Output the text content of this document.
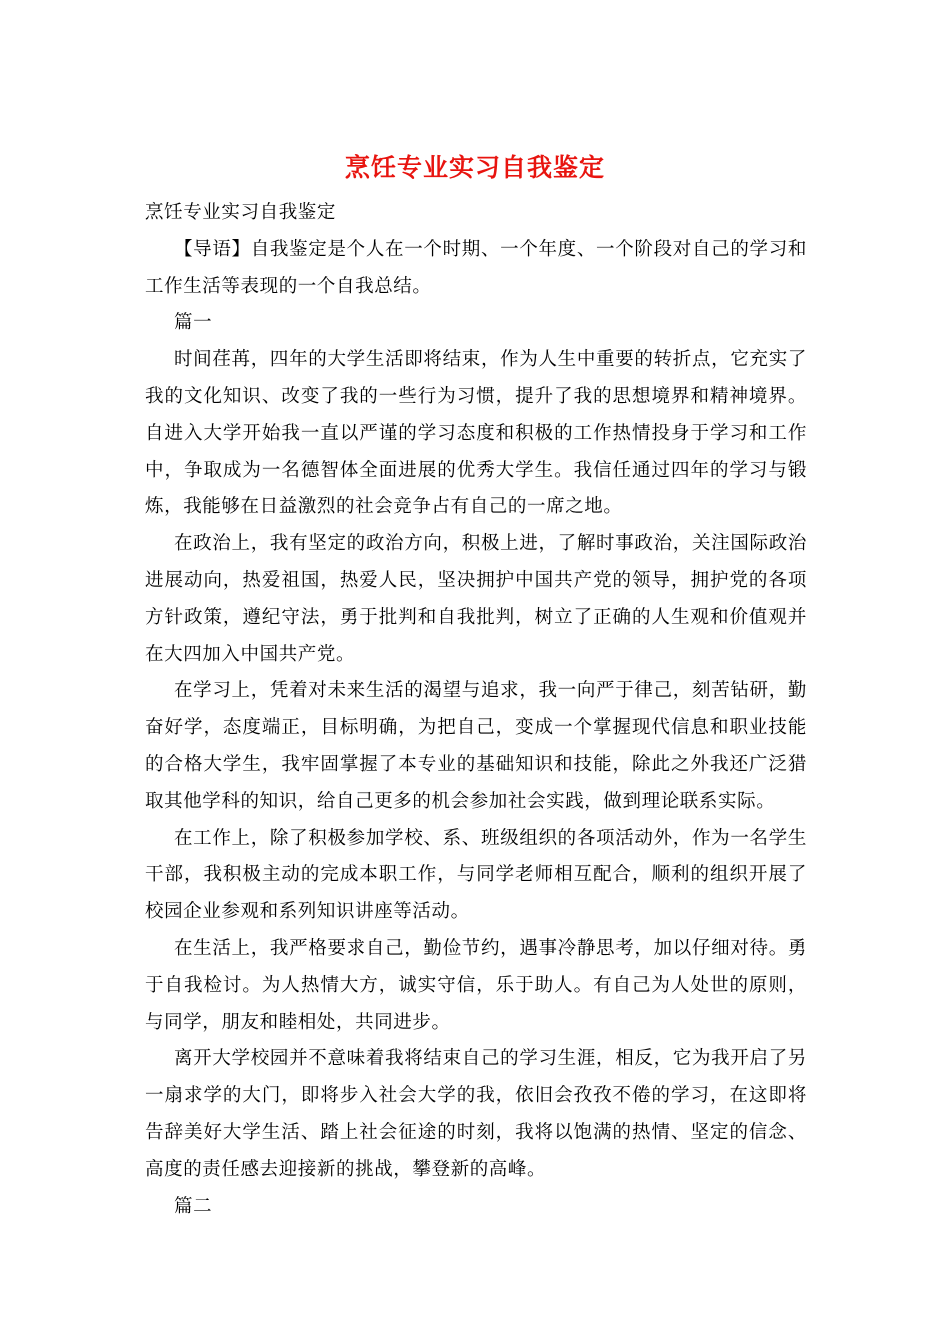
烹饪专业实习自我鉴定

烹饪专业实习自我鉴定

【导语】自我鉴定是个人在一个时期、一个年度、一个阶段对自己的学习和工作生活等表现的一个自我总结。

篇一

时间荏苒，四年的大学生活即将结束，作为人生中重要的转折点，它充实了我的文化知识、改变了我的一些行为习惯，提升了我的思想境界和精神境界。自进入大学开始我一直以严谨的学习态度和积极的工作热情投身于学习和工作中，争取成为一名德智体全面进展的优秀大学生。我信任通过四年的学习与锻炼，我能够在日益激烈的社会竞争占有自己的一席之地。

在政治上，我有坚定的政治方向，积极上进，了解时事政治，关注国际政治进展动向，热爱祖国，热爱人民，坚决拥护中国共产党的领导，拥护党的各项方针政策，遵纪守法，勇于批判和自我批判，树立了正确的人生观和价值观并在大四加入中国共产党。

在学习上，凭着对未来生活的渴望与追求，我一向严于律己，刻苦钻研，勤奋好学，态度端正，目标明确，为把自己，变成一个掌握现代信息和职业技能的合格大学生，我牢固掌握了本专业的基础知识和技能，除此之外我还广泛猎取其他学科的知识，给自己更多的机会参加社会实践，做到理论联系实际。

在工作上，除了积极参加学校、系、班级组织的各项活动外，作为一名学生干部，我积极主动的完成本职工作，与同学老师相互配合，顺利的组织开展了校园企业参观和系列知识讲座等活动。

在生活上，我严格要求自己，勤俭节约，遇事冷静思考，加以仔细对待。勇于自我检讨。为人热情大方，诚实守信，乐于助人。有自己为人处世的原则，与同学，朋友和睦相处，共同进步。

离开大学校园并不意味着我将结束自己的学习生涯，相反，它为我开启了另一扇求学的大门，即将步入社会大学的我，依旧会孜孜不倦的学习，在这即将告辞美好大学生活、踏上社会征途的时刻，我将以饱满的热情、坚定的信念、高度的责任感去迎接新的挑战，攀登新的高峰。

篇二
